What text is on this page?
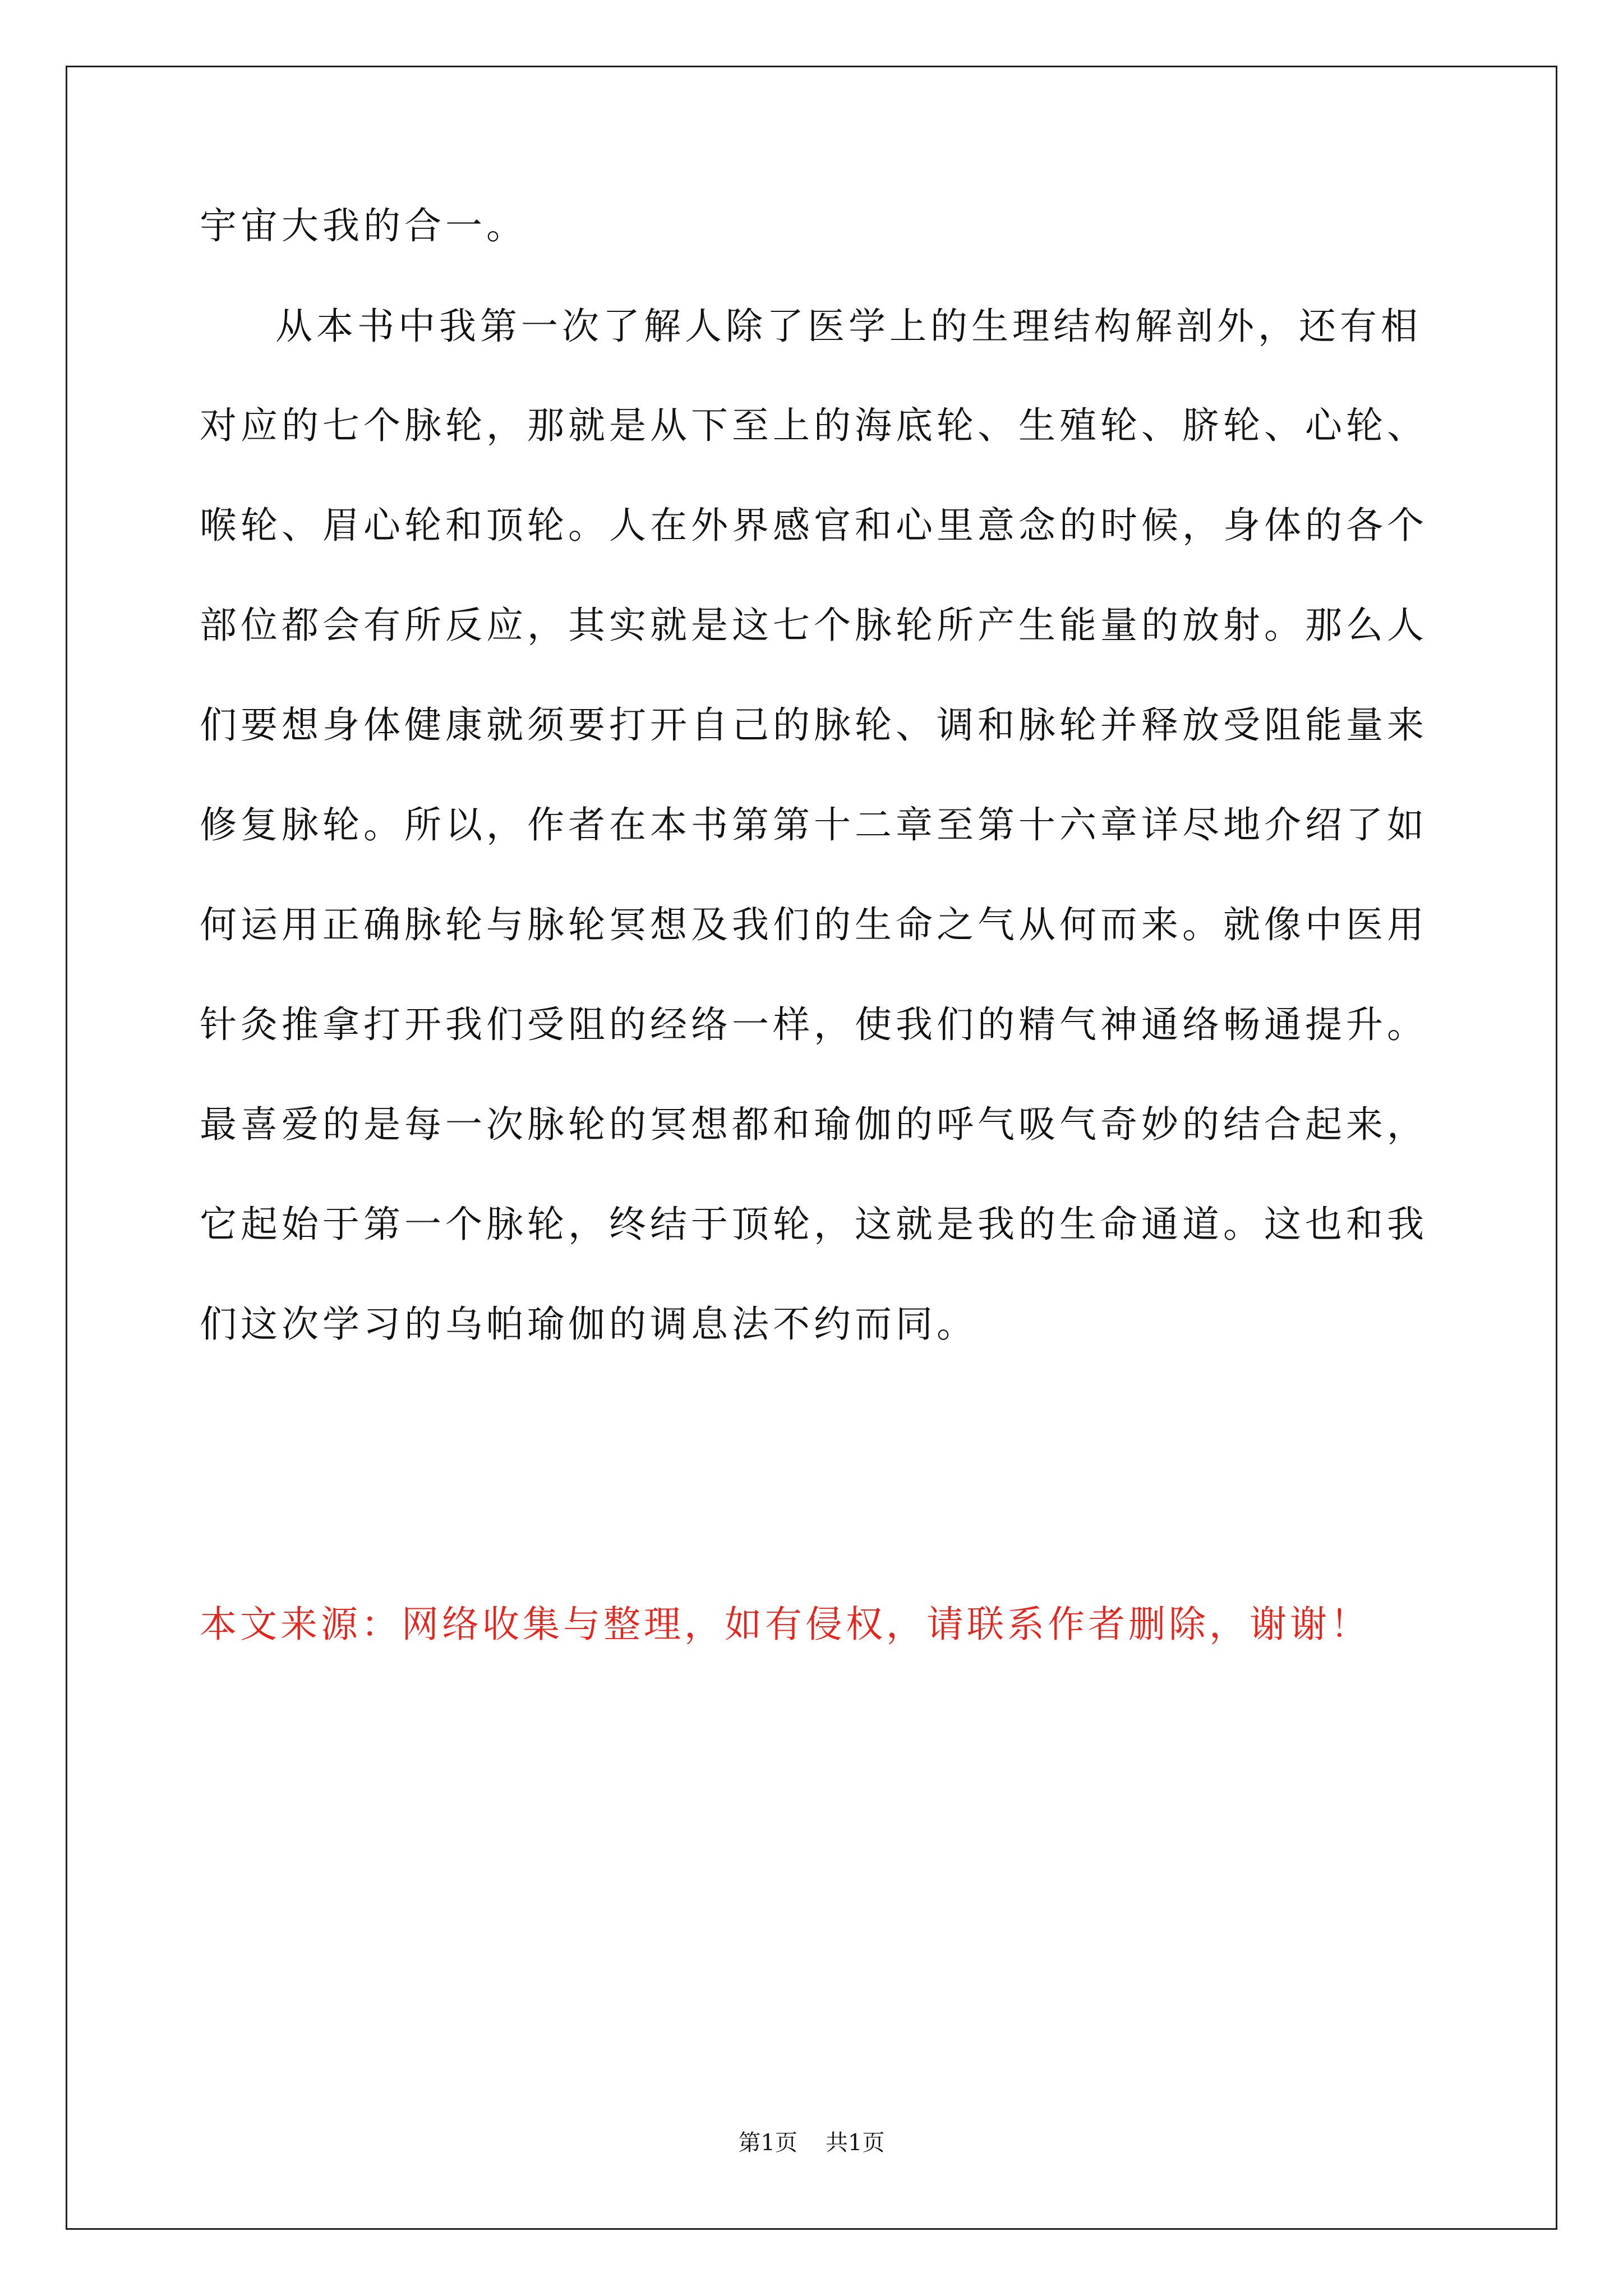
宇宙大我的合一。
从本书中我第一次了解人除了医学上的生理结构解剖外，还有相
对应的七个脉轮，那就是从下至上的海底轮、生殖轮、脐轮、心轮、
喉轮、眉心轮和顶轮。人在外界感官和心里意念的时候，身体的各个
部位都会有所反应，其实就是这七个脉轮所产生能量的放射。那么人
们要想身体健康就须要打开自己的脉轮、调和脉轮并释放受阻能量来
修复脉轮。所以，作者在本书第第十二章至第十六章详尽地介绍了如
何运用正确脉轮与脉轮冥想及我们的生命之气从何而来。就像中医用
针灸推拿打开我们受阻的经络一样，使我们的精气神通络畅通提升。
最喜爱的是每一次脉轮的冥想都和瑜伽的呼气吸气奇妙的结合起来，
它起始于第一个脉轮，终结于顶轮，这就是我的生命通道。这也和我
们这次学习的乌帕瑜伽的调息法不约而同。
本文来源：网络收集与整理，如有侵权，请联系作者删除，谢谢！
第1页 共1页
